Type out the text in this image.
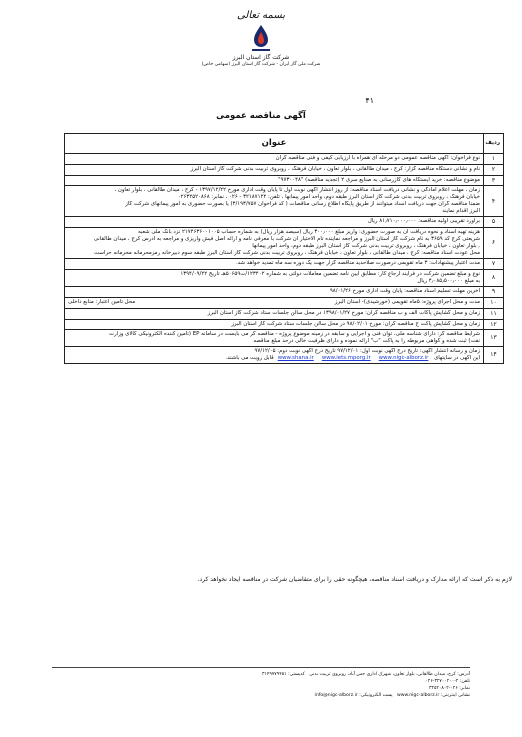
بسمه تعالی
شرکت گاز استان البرز
شرکت ملی گاز ایران - شرکت گاز استان البرز (سهامی خاص)
۴۱
آگهی مناقصه عمومی
ردیف	عنوان
۱	نوع فراخوان: آگهی مناقصه عمومی دو مرحله ای همراه با ارزیابی کیفی و فنی مناقصه گران

۲	نام و نشانی دستگاه مناقصه گزار: کرج ، میدان طالقانی ، بلوار تعاون ، خیابان فرهنگ ، روبروی تربیت بدنی شرکت گاز استان البرز

۳	موضوع مناقصه: خرید ایستگاه های گازرسانی به صنایع سری ۲ (تجدید مناقصه) "۹۷۳۰۰۴۸"

۴	زمان ، مهلت اعلام آمادگی و نشانی دریافت اسناد مناقصه: از روز انتشار آگهی نوبت اول تا پایان وقت اداری مورخ ۱۳۹۷/۱۲/۲۲ - کرج ، میدان طالقانی ، بلوار تعاون ،
خیابان فرهنگ ، روبروی تربیت بدنی شرکت گاز استان البرز طبقه دوم، واحد امور پیمانها ، تلفن: ۳۲۱۸۷۱۲۴ - ۰۲۶ ، نمابر: ۰۲۶۳۲۵۲۰۸۶۸
ضمنا مناقصه گران جهت دریافت اسناد میتوانند از طریق پایگاه اطلاع رسانی مناقصات ( کد فراخوان ۳/۱۹۳/۷۵۷) یا بصورت حضوری به امور پیمانهای شرکت گاز
البرز اقدام نمایند

۵	برآورد تقریبی اولیه مناقصه: ۸۱٫۷۱۰٫۰۰۰٫۰۰۰ ریال

۶	هزینه تهیه اسناد و نحوه دریافت آن به صورت حضوری: واریز مبلغ ۳۰۰٫۰۰۰ ریال (سیصد هزار ریال) به شماره حساب ۲۱۷۴۶۳۶۰۰۱۰۰۵ نزد بانک ملی شعبه
شریعتی کرج کد ۳۶۵۹ به نام شرکت گاز استان البرز و مراجعه نماینده تام الاختیار آن شرکت با معرفی نامه و ارائه اصل فیش واریزی و مراجعه به آدرس کرج ، میدان طالقانی
, بلوار تعاون ، خیابان فرهنگ ، روبروی تربیت بدنی شرکت گاز استان البرز طبقه دوم، واحد امور پیمانها
محل عودت اسناد مناقصه: کرج ، میدان طالقانی ، بلوار تعاون ، خیابان فرهنگ ، روبروی تربیت بدنی شرکت گاز استان البرز طبقه سوم دبیرخانه رمزمحرمانه محرمانه حراست

۷	مدت اعتبار پیشنهادات: ۳ ماه تقویمی درصورت صلاحدید مناقصه گزار جهت یک دوره سه ماه تمدید خواهد شد.

۸	نوع و مبلغ تضمین شرکت در فرآیند ارجاع کار: مطابق آیین نامه تضمین معاملات دولتی به شماره ۱۲۳۴۰۲/ت۵۰۶۵۹هـ تاریخ ۱۳۹۴/۰۹/۲۲
به مبلغ ۴٫۰۸۵٫۵۰۰٫۰۰۰ ریال

۹	آخرین مهلت تسلیم اسناد مناقصه: پایان وقت اداری مورخ ۹۸/۰۱/۲۶

۱۰	مدت و محل اجرای پروژه: ۵ماه تقویمی (خورشیدی)- استان البرز
محل تامین اعتبار: منابع داخلی

۱۱	زمان و محل گشایش پاکات الف و ب مناقصه گران: مورخ ۱۳۹۸/۰۱/۲۷ در محل سالن جلسات ستاد شرکت گاز استان البرز

۱۲	زمان و محل گشایش پاکت ج مناقصه گران: مورخ ۹۸/۰۲/۰۱ در محل سالن جلسات ستاد شرکت گاز استان البرز

۱۳	شرایط مناقصه گر: دارای شناسه ملی، توان فنی و اجرایی و سابقه در زمینه موضوع پروژه - مناقصه گر می بایست در سامانه EP (تامین کننده الکترونیکی کالای وزارت
نفت) ثبت شده و گواهی مربوطه را به پاکت "ب" ارائه نموده و دارای ظرفیت خالی درحد مبلغ مناقصه

۱۴	زمان و رسانه انتشار آگهی: تاریخ درج آگهی نوبت اول: ۹۷/۱۲/۰۱ تاریخ درج آگهی نوبت دوم: ۹۷/۱۲/۰۵
این آگهی در سایتهای www.shana.ir www.iets.mporg.ir www.nigc-alborz.irقابل رویت می باشند.
لازم به ذکر است که ارائه مدارک و دریافت اسناد مناقصه، هیچگونه حقی را برای متقاضیان شرکت در مناقصه ایجاد نخواهد کرد.
آدرس: کرج، میدان طالقانی، بلوار تعاون، شهرک اداری حس آباد، روبروی تربیت بدنی   کدپستی: ۳۱۴۹۷۷۹۴۵۱
تلفن: ۲-۳۲۷۰۰۲۰۰-۰۲۶
نمابر: ۰۲۶-۳۲۵۲۰۸۰۲
نشانی اینترنتی: www.nigc-alborz.ir   پست الکترونیکی: info@nigc-alborz.ir
